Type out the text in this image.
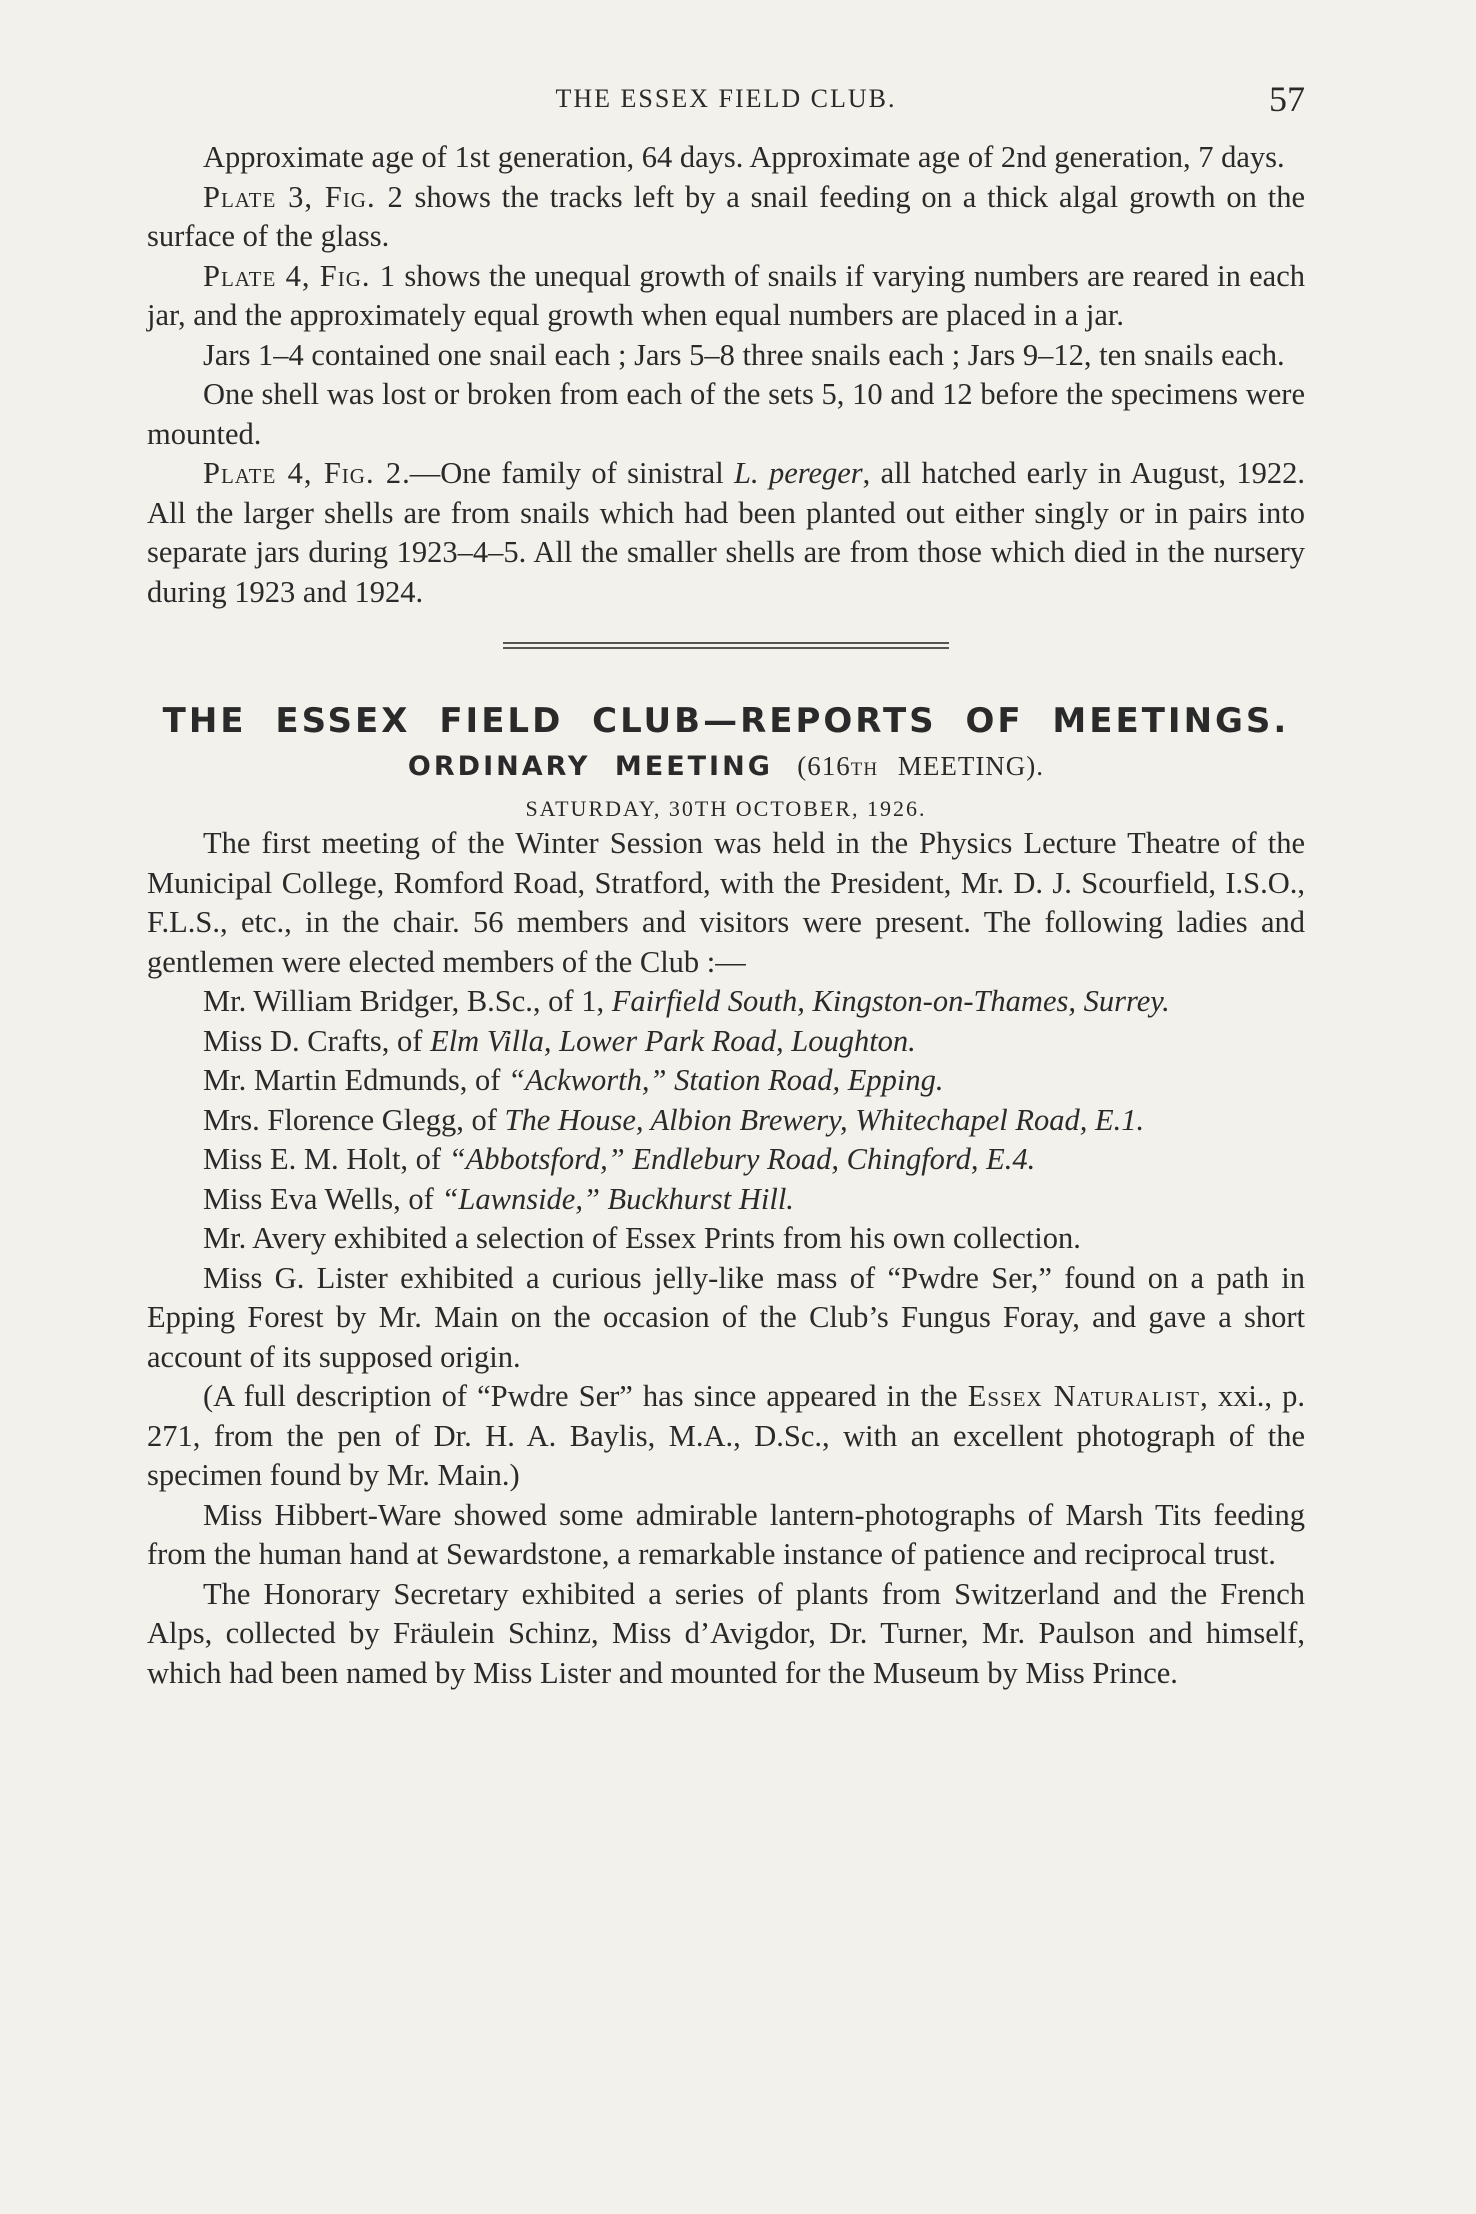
THE ESSEX FIELD CLUB.	57

Approximate age of 1st generation, 64 days. Approximate age of 2nd generation, 7 days.

Plate 3, Fig. 2 shows the tracks left by a snail feeding on a thick algal growth on the surface of the glass.

Plate 4, Fig. 1 shows the unequal growth of snails if varying numbers are reared in each jar, and the approximately equal growth when equal numbers are placed in a jar.

Jars 1–4 contained one snail each ; Jars 5–8 three snails each ; Jars 9–12, ten snails each.

One shell was lost or broken from each of the sets 5, 10 and 12 before the specimens were mounted.

Plate 4, Fig. 2.—One family of sinistral L. pereger, all hatched early in August, 1922. All the larger shells are from snails which had been planted out either singly or in pairs into separate jars during 1923–4–5. All the smaller shells are from those which died in the nursery during 1923 and 1924.

THE ESSEX FIELD CLUB—REPORTS OF MEETINGS.
ORDINARY MEETING (616th MEETING).
SATURDAY, 30TH OCTOBER, 1926.

The first meeting of the Winter Session was held in the Physics Lecture Theatre of the Municipal College, Romford Road, Stratford, with the President, Mr. D. J. Scourfield, I.S.O., F.L.S., etc., in the chair. 56 members and visitors were present. The following ladies and gentlemen were elected members of the Club :—

Mr. William Bridger, B.Sc., of 1, Fairfield South, Kingston-on-Thames, Surrey.

Miss D. Crafts, of Elm Villa, Lower Park Road, Loughton.

Mr. Martin Edmunds, of “Ackworth,” Station Road, Epping.

Mrs. Florence Glegg, of The House, Albion Brewery, Whitechapel Road, E.1.

Miss E. M. Holt, of “Abbotsford,” Endlebury Road, Chingford, E.4.

Miss Eva Wells, of “Lawnside,” Buckhurst Hill.

Mr. Avery exhibited a selection of Essex Prints from his own collection.

Miss G. Lister exhibited a curious jelly-like mass of “Pwdre Ser,” found on a path in Epping Forest by Mr. Main on the occasion of the Club’s Fungus Foray, and gave a short account of its supposed origin.

(A full description of “Pwdre Ser” has since appeared in the Essex Naturalist, xxi., p. 271, from the pen of Dr. H. A. Baylis, M.A., D.Sc., with an excellent photograph of the specimen found by Mr. Main.)

Miss Hibbert-Ware showed some admirable lantern-photographs of Marsh Tits feeding from the human hand at Sewardstone, a remarkable instance of patience and reciprocal trust.

The Honorary Secretary exhibited a series of plants from Switzerland and the French Alps, collected by Fräulein Schinz, Miss d’Avigdor, Dr. Turner, Mr. Paulson and himself, which had been named by Miss Lister and mounted for the Museum by Miss Prince.
